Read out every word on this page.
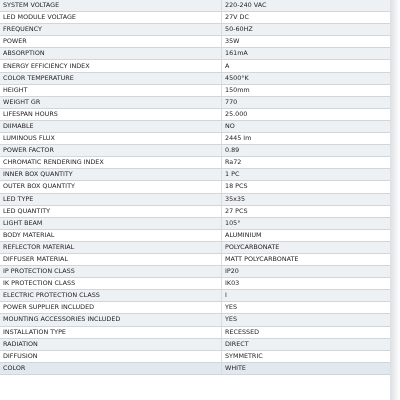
SYSTEM VOLTAGE	220-240 VAC
LED MODULE VOLTAGE	27V DC
FREQUENCY	50-60HZ
POWER	35W
ABSORPTION	161mA
ENERGY EFFICIENCY INDEX	A
COLOR TEMPERATURE	4500°K
HEIGHT	150mm
WEIGHT GR	770
LIFESPAN HOURS	25.000
DIIMABLE	NO
LUMINOUS FLUX	2445 lm
POWER FACTOR	0.89
CHROMATIC RENDERING INDEX	Ra72
INNER BOX QUANTITY	1 PC
OUTER BOX QUANTITY	18 PCS
LED TYPE	35x35
LED QUANTITY	27 PCS
LIGHT BEAM	105°
BODY MATERIAL	ALUMINIUM
REFLECTOR MATERIAL	POLYCARBONATE
DIFFUSER MATERIAL	MATT POLYCARBONATE
IP PROTECTION CLASS	IP20
IK PROTECTION CLASS	IK03
ELECTRIC PROTECTION CLASS	I
POWER SUPPLIER INCLUDED	YES
MOUNTING ACCESSORIES INCLUDED	YES
INSTALLATION TYPE	RECESSED
RADIATION	DIRECT
DIFFUSION	SYMMETRIC
COLOR	WHITE
